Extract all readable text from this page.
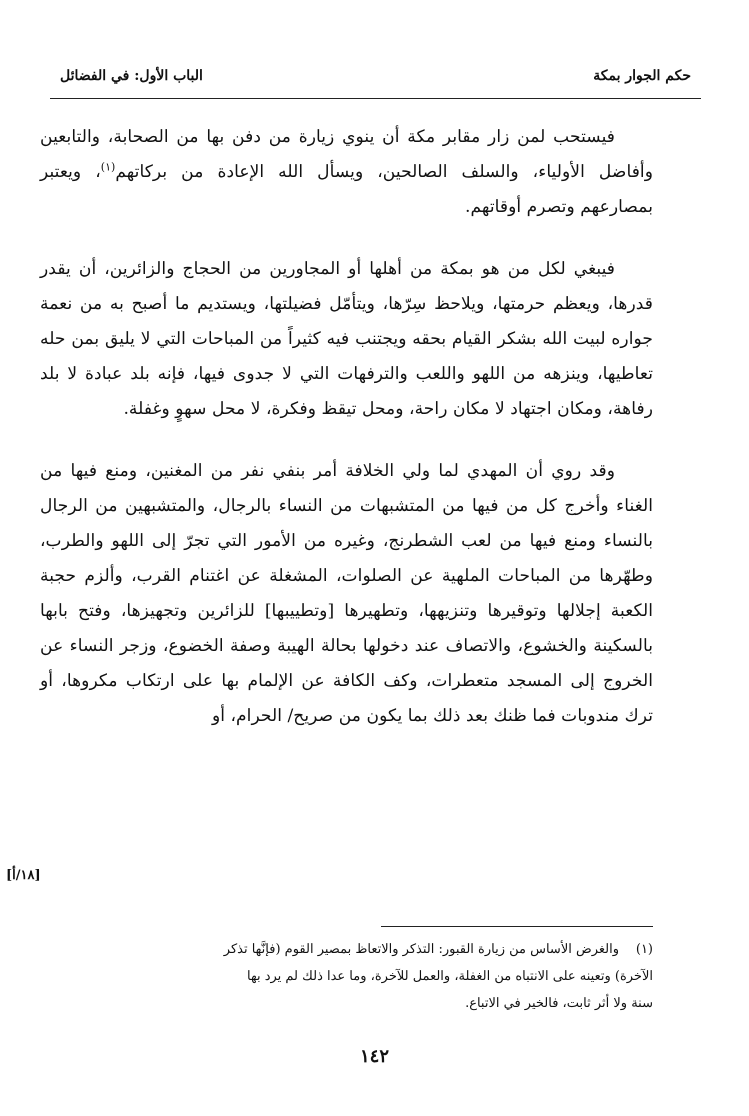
حكم الجوار بمكة
الباب الأول: في الفضائل

فيستحب لمن زار مقابر مكة أن ينوي زيارة من دفن بها من الصحابة، والتابعين وأفاضل الأولياء، والسلف الصالحين، ويسأل الله الإعادة من بركاتهم$^{(١)}$، ويعتبر بمصارعهم وتصرم أوقاتهم.

فيبغي لكل من هو بمكة من أهلها أو المجاورين من الحجاج والزائرين، أن يقدر قدرها، ويعظم حرمتها، ويلاحظ سِرّها، ويتأمّل فضيلتها، ويستديم ما أصبح به من نعمة جواره لبيت الله بشكر القيام بحقه ويجتنب فيه كثيراً من المباحات التي لا يليق بمن حله تعاطيها، وينزهه من اللهو واللعب والترفهات التي لا جدوى فيها، فإنه بلد عبادة لا بلد رفاهة، ومكان اجتهاد لا مكان راحة، ومحل تيقظ وفكرة، لا محل سهوٍ وغفلة.

وقد روي أن المهدي لما ولي الخلافة أمر بنفي نفر من المغنين، ومنع فيها من الغناء وأخرج كل من فيها من المتشبهات من النساء بالرجال، والمتشبهين من الرجال بالنساء ومنع فيها من لعب الشطرنج، وغيره من الأمور التي تجرّ إلى اللهو والطرب، وطهّرها من المباحات الملهية عن الصلوات، المشغلة عن اغتنام القرب، وألزم حجبة الكعبة إجلالها وتوقيرها وتنزيهها، وتطهيرها [وتطييبها] للزائرين وتجهيزها، وفتح بابها بالسكينة والخشوع، والاتصاف عند دخولها بحالة الهيبة وصفة الخضوع، وزجر النساء عن الخروج إلى المسجد متعطرات، وكف الكافة عن الإلمام بها على ارتكاب مكروها، أو ترك مندوبات فما ظنك بعد ذلك بما يكون من صريح/ الحرام، أو

[١٨/أ]
(١)والغرض الأساس من زيارة القبور: التذكر والاتعاظ بمصير القوم (فإنَّها تذكر
الآخرة) وتعينه على الانتباه من الغفلة، والعمل للآخرة، وما عدا ذلك لم يرد بها
سنة ولا أثر ثابت، فالخير في الاتباع.
١٤٢
